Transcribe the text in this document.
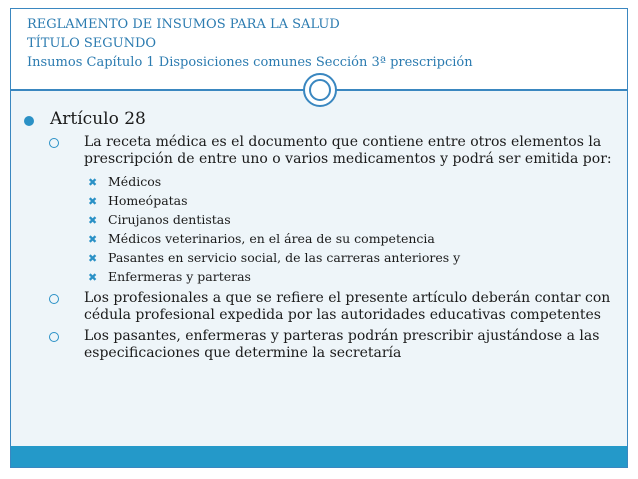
REGLAMENTO DE INSUMOS PARA LA SALUD
TÍTULO SEGUNDO
Insumos Capítulo 1 Disposiciones comunes Sección 3ª prescripción
Artículo 28
La receta médica es el documento que contiene entre otros elementos la prescripción de entre uno o varios medicamentos y podrá ser emitida por:
✖ Médicos
✖ Homeópatas
✖ Cirujanos dentistas
✖ Médicos veterinarios, en el área de su competencia
✖ Pasantes en servicio social, de las carreras anteriores y
✖ Enfermeras y parteras
Los profesionales a que se refiere el presente artículo deberán contar con cédula profesional expedida por las autoridades educativas competentes
Los pasantes, enfermeras y parteras podrán prescribir ajustándose a las especificaciones que determine la secretaría
